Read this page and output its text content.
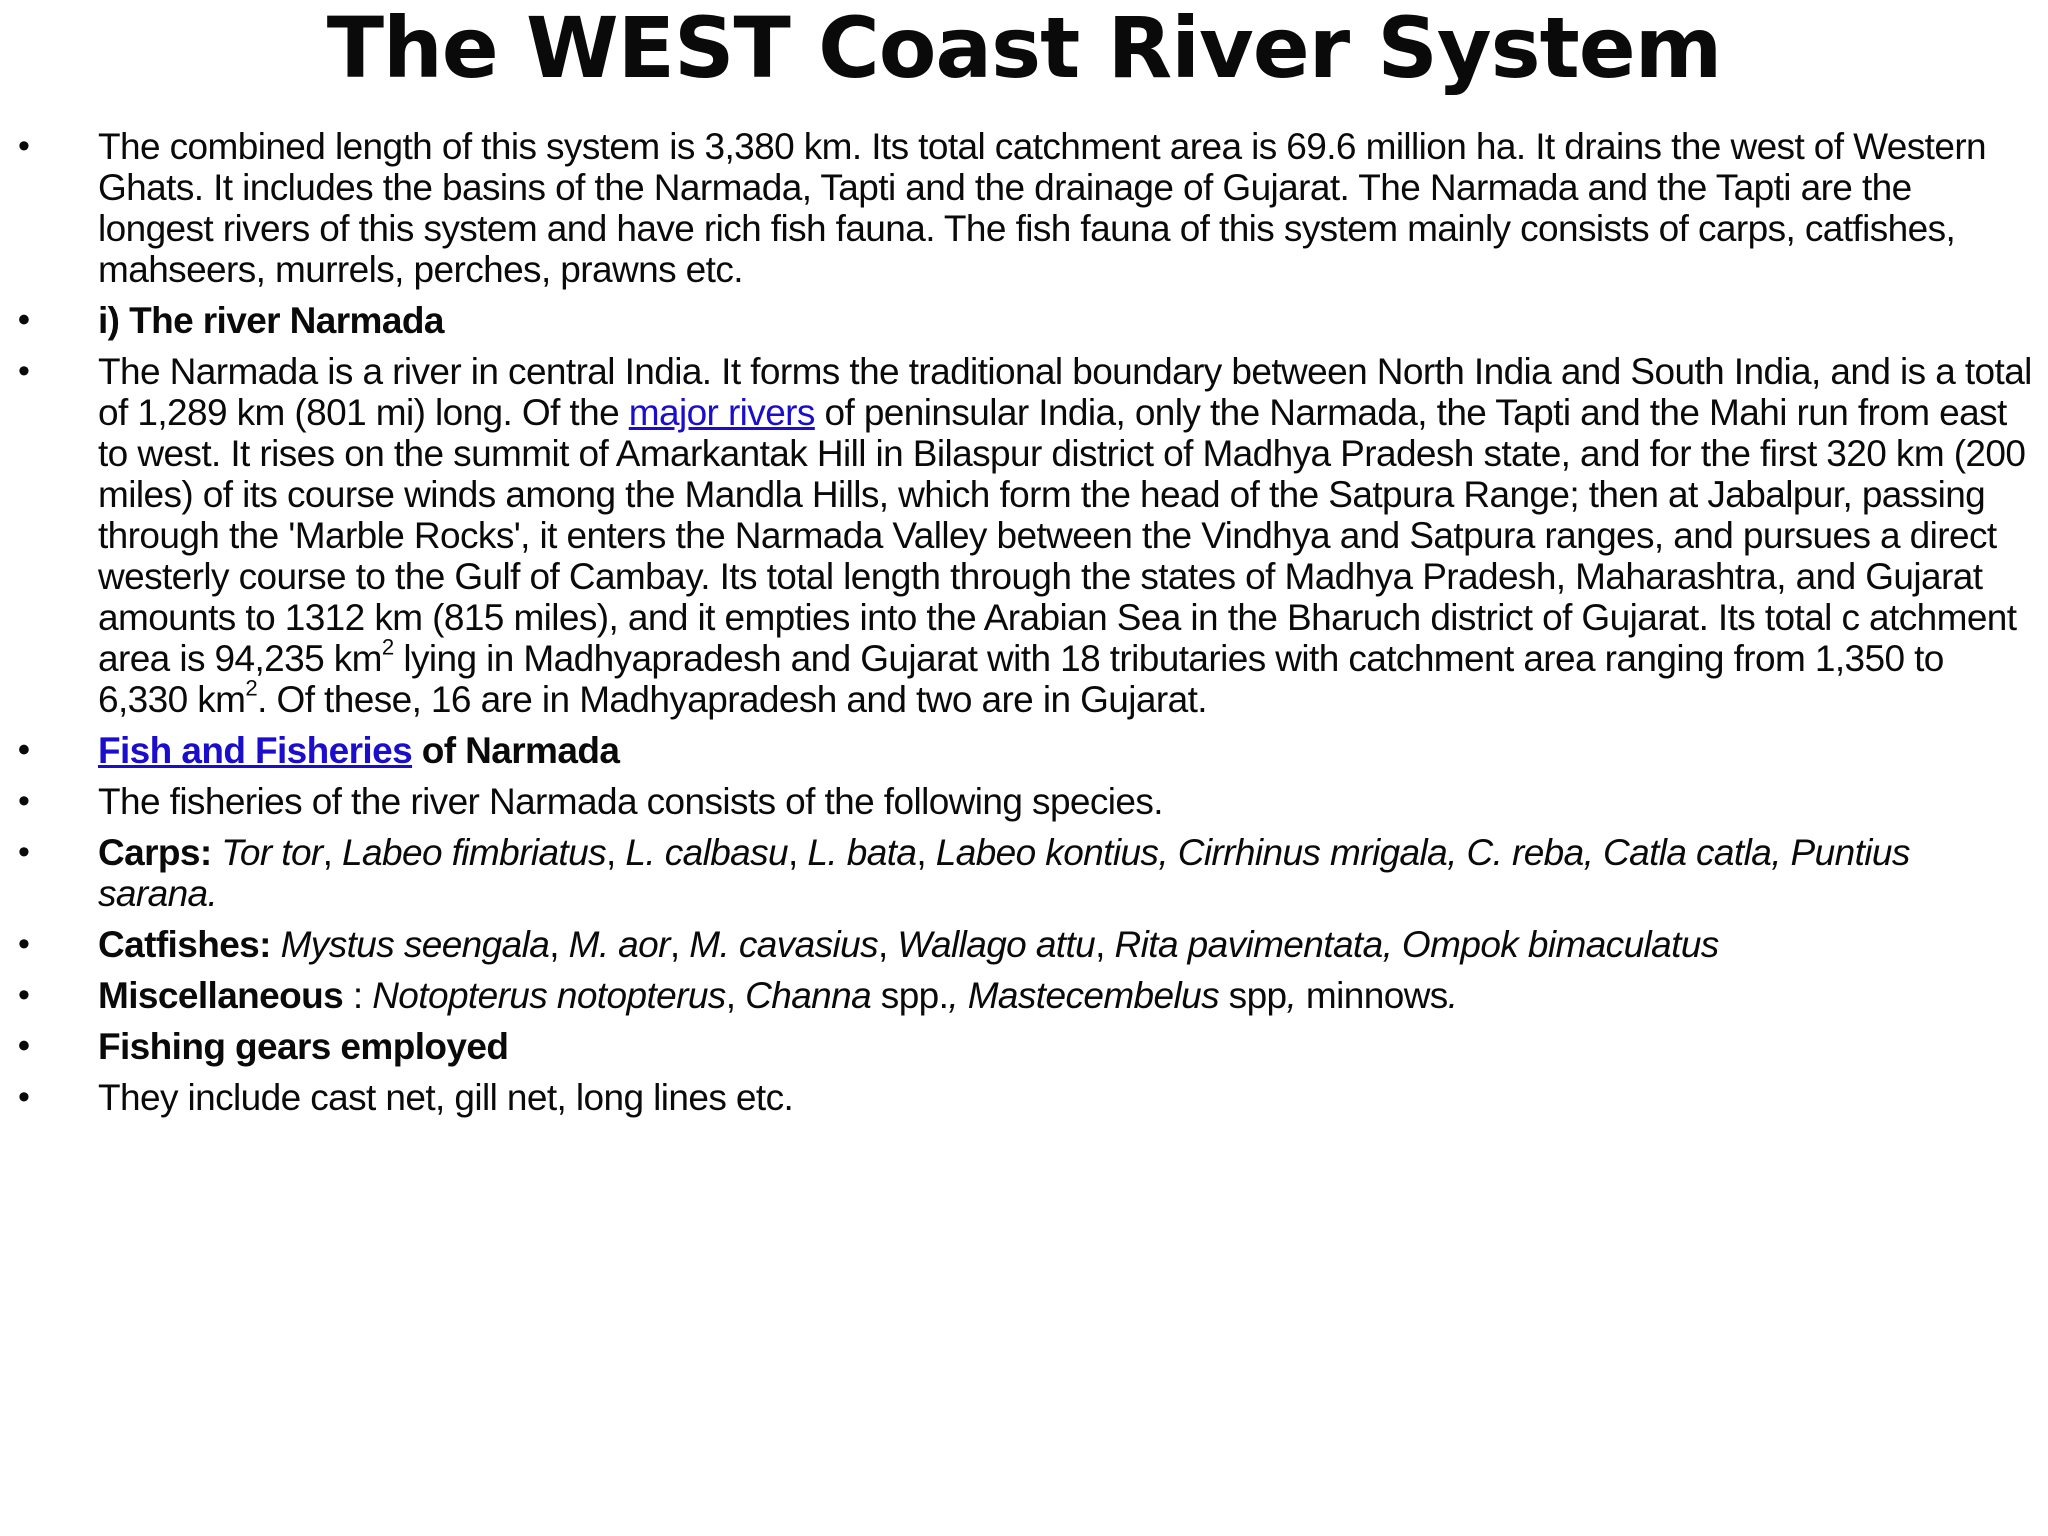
The WEST Coast River System
• The combined length of this system is 3,380 km. Its total catchment area is 69.6 million ha. It drains the west of Western Ghats. It includes the basins of the Narmada, Tapti and the drainage of Gujarat. The Narmada and the Tapti are the longest rivers of this system and have rich fish fauna. The fish fauna of this system mainly consists of carps, catfishes, mahseers, murrels, perches, prawns etc.
• i) The river Narmada
• The Narmada is a river in central India. It forms the traditional boundary between North India and South India, and is a total of 1,289 km (801 mi) long. Of the major rivers of peninsular India, only the Narmada, the Tapti and the Mahi run from east to west. It rises on the summit of Amarkantak Hill in Bilaspur district of Madhya Pradesh state, and for the first 320 km (200 miles) of its course winds among the Mandla Hills, which form the head of the Satpura Range; then at Jabalpur, passing through the 'Marble Rocks', it enters the Narmada Valley between the Vindhya and Satpura ranges, and pursues a direct westerly course to the Gulf of Cambay. Its total length through the states of Madhya Pradesh, Maharashtra, and Gujarat amounts to 1312 km (815 miles), and it empties into the Arabian Sea in the Bharuch district of Gujarat. Its total c atchment area is 94,235 $km^2$ lying in Madhyapradesh and Gujarat with 18 tributaries with catchment area ranging from 1,350 to 6,330 $km^2$. Of these, 16 are in Madhyapradesh and two are in Gujarat.
• Fish and Fisheries of Narmada
• The fisheries of the river Narmada consists of the following species.
• Carps: Tor tor, Labeo fimbriatus, L. calbasu, L. bata, Labeo kontius, Cirrhinus mrigala, C. reba, Catla catla, Puntius sarana.
• Catfishes: Mystus seengala, M. aor, M. cavasius, Wallago attu, Rita pavimentata, Ompok bimaculatus
• Miscellaneous : Notopterus notopterus, Channa spp., Mastecembelus spp, minnows.
• Fishing gears employed
• They include cast net, gill net, long lines etc.
